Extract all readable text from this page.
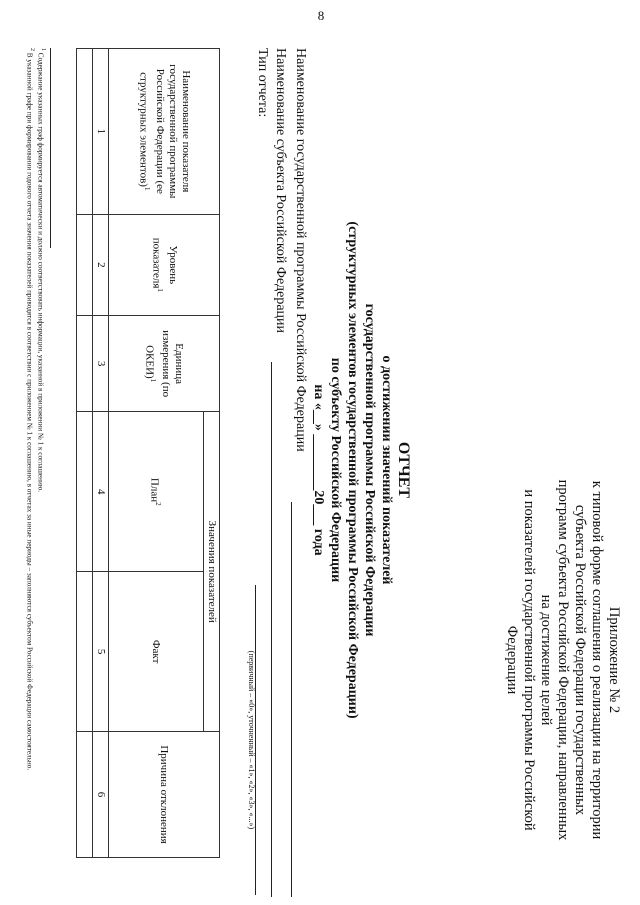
8
Приложение № 2
к типовой форме соглашения о реализации на территории
субъекта Российской Федерации государственных
программ субъекта Российской Федерации, направленных
на достижение целей
и показателей государственной программы Российской
Федерации
ОТЧЕТ
о достижении значений показателей
государственной программы Российской Федерации
(структурных элементов государственной программы Российской Федерации)
по субъекту Российской Федерации
на «__» ________20___ года
Наименование государственной программы Российской Федерации
Наименование субъекта Российской Федерации
Тип отчета:
(первичный – «0», уточненный – «1», «2», «3», «...»)
Наименование показателя государственной программы Российской Федерации (ее структурных элементов)$^1$	Уровень показателя$^1$	Единица измерения (по ОКЕИ)$^1$	Значения показателей		Причина отклонения
			План$^2$	Факт	
1	2	3	4	5	6

$^1$ Содержание указанных граф формируется автоматически и должно соответствовать информации, указанной в приложении № 1 к соглашению.
$^2$ В указанной графе при формировании годового отчета значения показателей приводятся в соответствии с приложением № 1 к соглашению, в отчетах за иные периоды – заполняются субъектом Российской Федерации самостоятельно.
